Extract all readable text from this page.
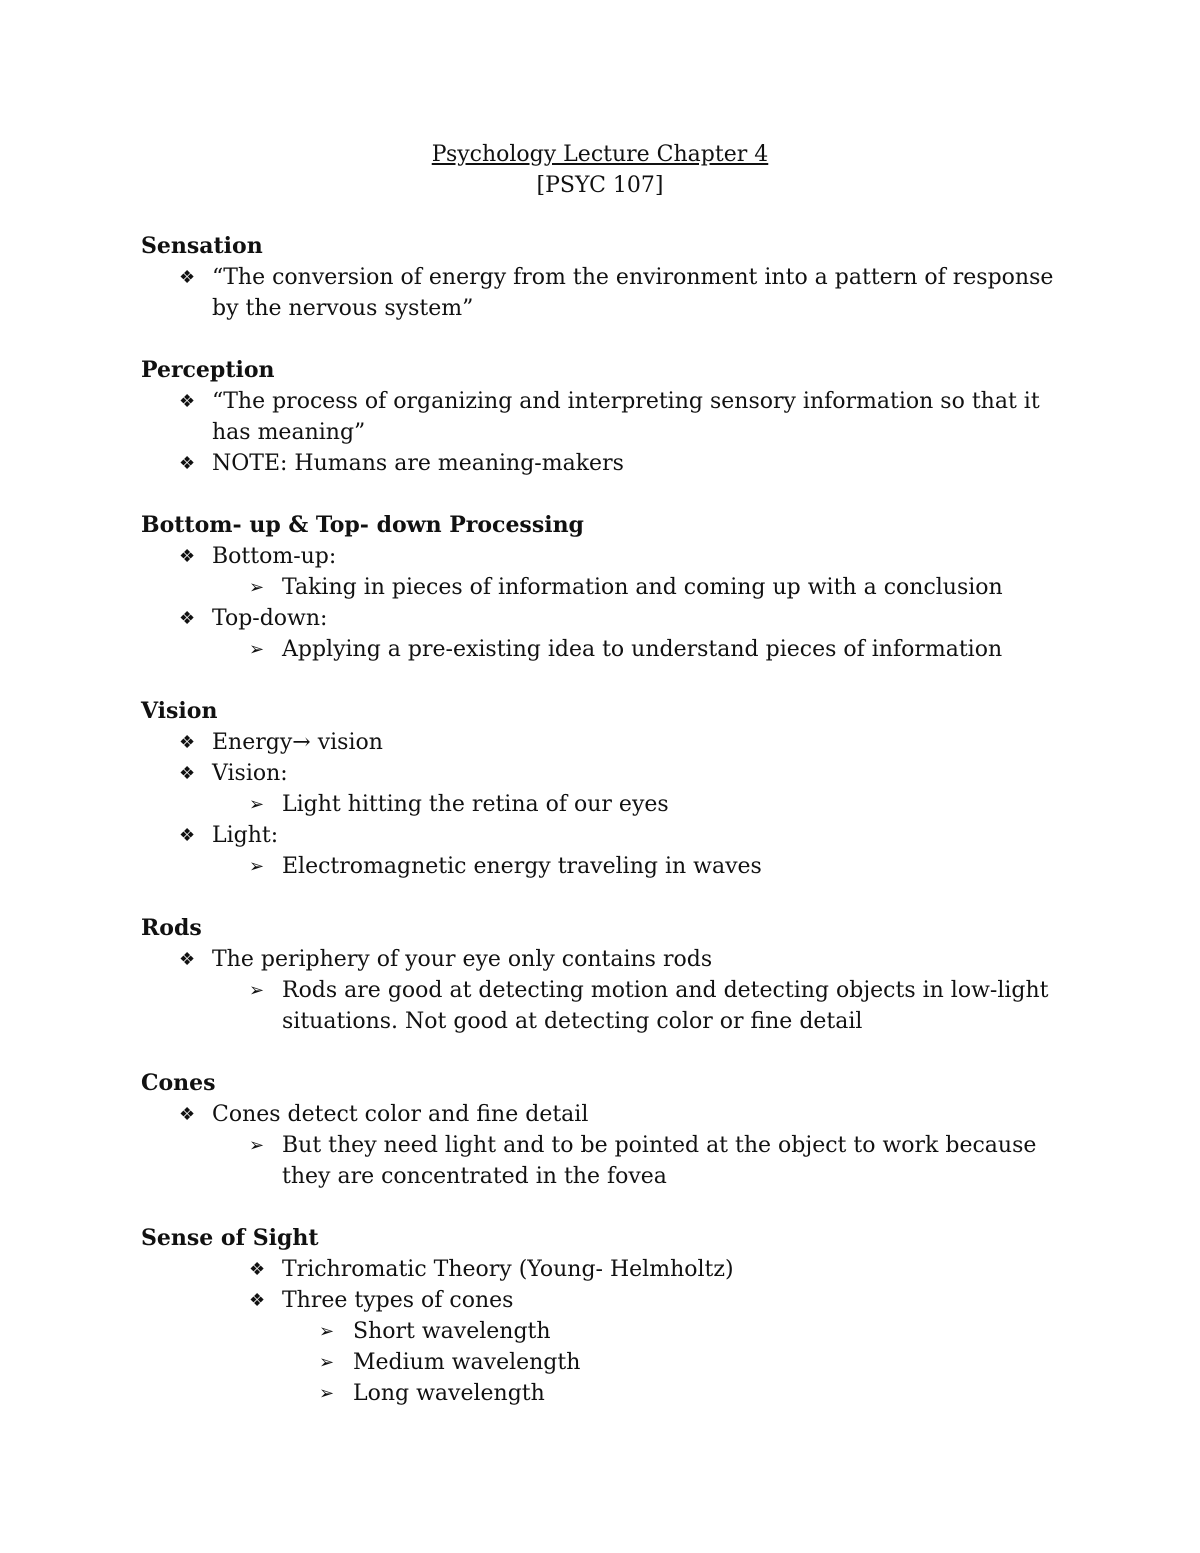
Psychology Lecture Chapter 4
[PSYC 107]
Sensation
❖ “The conversion of energy from the environment into a pattern of response by the nervous system”
Perception
❖ “The process of organizing and interpreting sensory information so that it has meaning”
❖ NOTE: Humans are meaning-makers
Bottom- up & Top- down Processing
❖ Bottom-up:
➢ Taking in pieces of information and coming up with a conclusion
❖ Top-down:
➢ Applying a pre-existing idea to understand pieces of information
Vision
❖ Energy→ vision
❖ Vision:
➢ Light hitting the retina of our eyes
❖ Light:
➢ Electromagnetic energy traveling in waves
Rods
❖ The periphery of your eye only contains rods
➢ Rods are good at detecting motion and detecting objects in low-light situations. Not good at detecting color or fine detail
Cones
❖ Cones detect color and fine detail
➢ But they need light and to be pointed at the object to work because they are concentrated in the fovea
Sense of Sight
❖ Trichromatic Theory (Young- Helmholtz)
❖ Three types of cones
➢ Short wavelength
➢ Medium wavelength
➢ Long wavelength
